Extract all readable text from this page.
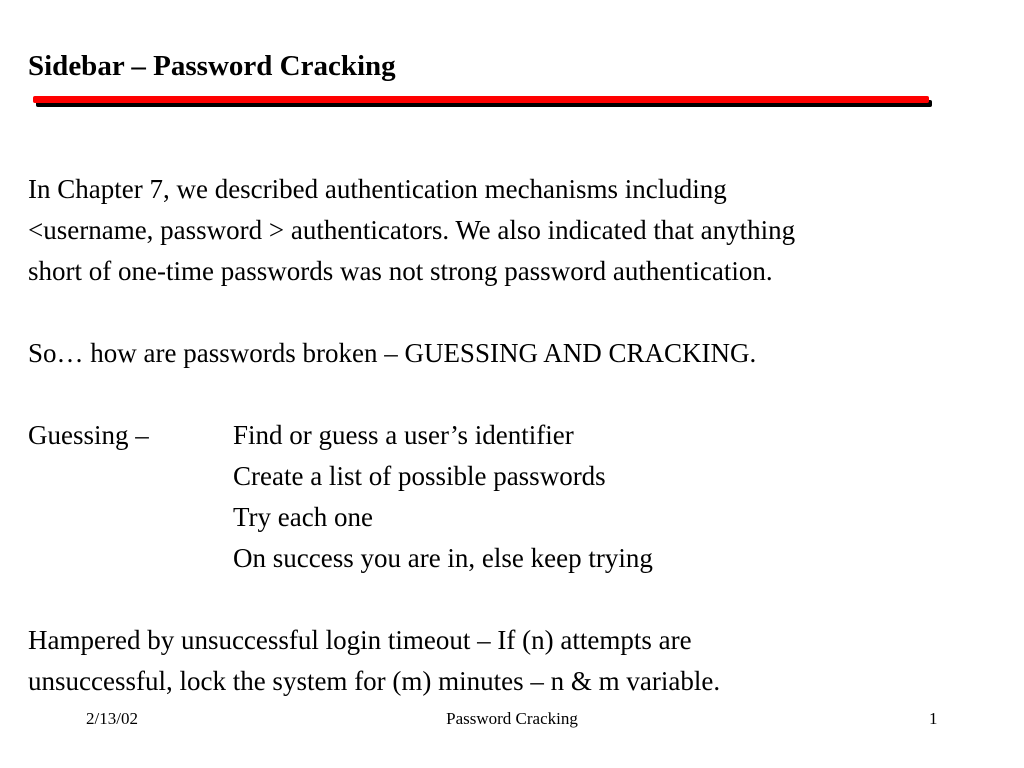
Sidebar – Password Cracking
In Chapter 7, we described authentication mechanisms including
<username, password > authenticators. We also indicated that anything
short of one-time passwords was not strong password authentication.
So… how are passwords broken – GUESSING AND CRACKING.
Guessing –	Find or guess a user’s identifier
Create a list of possible passwords
Try each one
On success you are in, else keep trying
Hampered by unsuccessful login timeout – If (n) attempts are
unsuccessful, lock the system for (m) minutes – n & m variable.
2/13/02	Password Cracking	1
